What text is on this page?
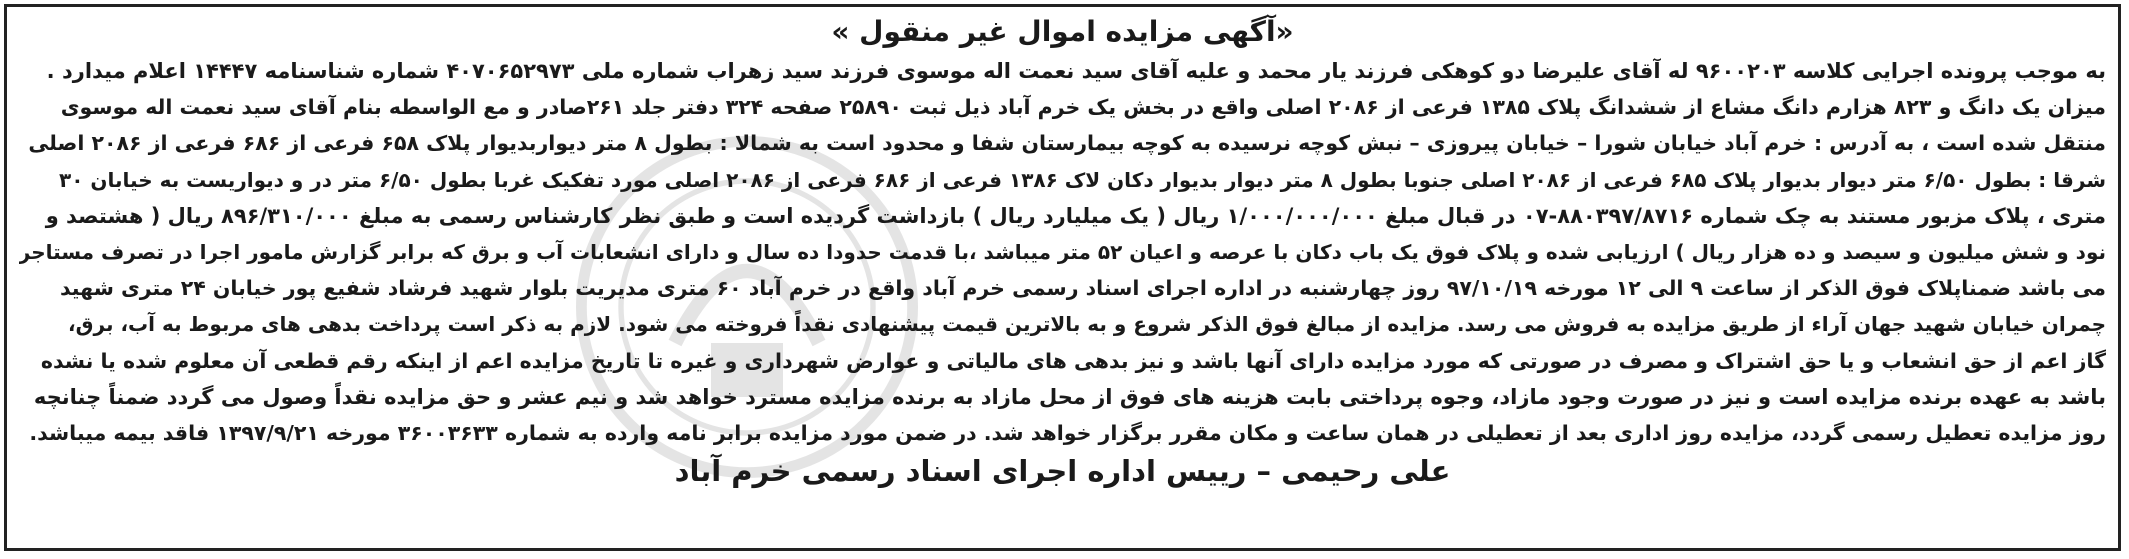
«آگهی مزایده اموال غیر منقول »
به موجب پرونده اجرایی کلاسه ۹۶۰۰۲۰۳ له آقای علیرضا دو کوهکی فرزند یار محمد و علیه آقای سید نعمت اله موسوی فرزند سید زهراب شماره ملی ۴۰۷۰۶۵۲۹۷۳ شماره شناسنامه ۱۴۴۴۷ اعلام میدارد .
میزان یک دانگ و ۸۲۳ هزارم دانگ مشاع از ششدانگ پلاک ۱۳۸۵ فرعی از ۲۰۸۶ اصلی واقع در بخش یک خرم آباد ذیل ثبت ۲۵۸۹۰ صفحه ۳۲۴ دفتر جلد ۲۶۱صادر و مع الواسطه بنام آقای سید نعمت اله موسوی
منتقل شده است ، به آدرس : خرم آباد خیابان شورا – خیابان پیروزی – نبش کوچه نرسیده به کوچه بیمارستان شفا و محدود است به شمالا : بطول ۸ متر دیواربدیوار پلاک ۶۵۸ فرعی از ۶۸۶ فرعی از ۲۰۸۶ اصلی
شرقا : بطول ۶/۵۰ متر دیوار بدیوار پلاک ۶۸۵ فرعی از ۲۰۸۶ اصلی جنوبا بطول ۸ متر دیوار بدیوار دکان لاک ۱۳۸۶ فرعی از ۶۸۶ فرعی از ۲۰۸۶ اصلی مورد تفکیک غربا بطول ۶/۵۰ متر در و دیواریست به خیابان ۳۰
متری ، پلاک مزبور مستند به چک شماره ۸۸۰۳۹۷/۸۷۱۶-۰۷ در قبال مبلغ ۱/۰۰۰/۰۰۰/۰۰۰ ریال ( یک میلیارد ریال ) بازداشت گردیده است و طبق نظر کارشناس رسمی به مبلغ ۸۹۶/۳۱۰/۰۰۰ ریال ( هشتصد و
نود و شش میلیون و سیصد و ده هزار ریال ) ارزیابی شده و پلاک فوق یک باب دکان با عرصه و اعیان ۵۲ متر میباشد ،با قدمت حدودا ده سال و دارای انشعابات آب و برق که برابر گزارش مامور اجرا در تصرف مستاجر
می باشد ضمناپلاک فوق الذکر از ساعت ۹ الی ۱۲ مورخه ۹۷/۱۰/۱۹ روز چهارشنبه در اداره اجرای اسناد رسمی خرم آباد واقع در خرم آباد ۶۰ متری مدیریت بلوار شهید فرشاد شفیع پور خیابان ۲۴ متری شهید
چمران خیابان شهید جهان آراء از طریق مزایده به فروش می رسد. مزایده از مبالغ فوق الذکر شروع و به بالاترین قیمت پیشنهادی نقداً فروخته می شود. لازم به ذکر است پرداخت بدهی های مربوط به آب، برق،
گاز اعم از حق انشعاب و یا حق اشتراک و مصرف در صورتی که مورد مزایده دارای آنها باشد و نیز بدهی های مالیاتی و عوارض شهرداری و غیره تا تاریخ مزایده اعم از اینکه رقم قطعی آن معلوم شده یا نشده
باشد به عهده برنده مزایده است و نیز در صورت وجود مازاد، وجوه پرداختی بابت هزینه های فوق از محل مازاد به برنده مزایده مسترد خواهد شد و نیم عشر و حق مزایده نقداً وصول می گردد ضمناً چنانچه
روز مزایده تعطیل رسمی گردد، مزایده روز اداری بعد از تعطیلی در همان ساعت و مکان مقرر برگزار خواهد شد. در ضمن مورد مزایده برابر نامه وارده به شماره ۳۶۰۰۳۶۳۳ مورخه ۱۳۹۷/۹/۲۱ فاقد بیمه میباشد.
علی رحیمی – رییس اداره اجرای اسناد رسمی خرم آباد
